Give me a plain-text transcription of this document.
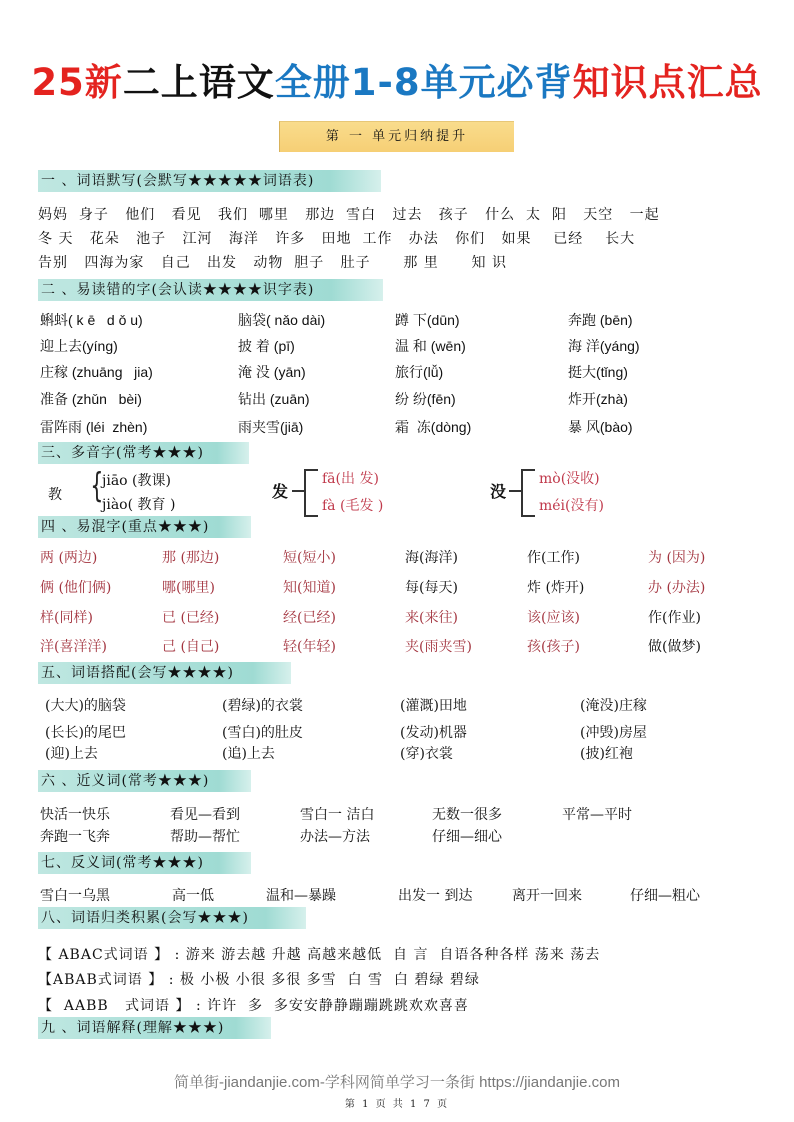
25新二上语文全册1-8单元必背知识点汇总
第 一 单元归纳提升
一 、词语默写(会默写★★★★★词语表)
二 、易读错的字(会认读★★★★识字表)
三、多音字(常考★★★)
四 、易混字(重点★★★)
五、词语搭配(会写★★★★)
六 、近义词(常考★★★)
七、反义词(常考★★★)
八、词语归类积累(会写★★★)
九 、词语解释(理解★★★)
妈妈  身子   他们   看见   我们  哪里   那边  雪白   过去   孩子   什么  太  阳   天空   一起
冬 天   花朵   池子   江河   海洋   许多   田地  工作   办法   你们   如果    已经    长大
告别   四海为家   自己   出发   动物  胆子   肚子      那 里      知 识
蝌蚪( k ē   d ǒ u)	脑袋( nǎo dài)	蹲 下(dūn)	奔跑 (bēn)
迎上去(yíng)	披 着 (pī)	温 和 (wēn)	海 洋(yáng)
庄稼 (zhuāng   jia)	淹 没 (yān)	旅行(lǚ)	挺大(tǐng)
准备 (zhǔn   bèi)	钻出 (zuān)	纷 纷(fēn)	炸开(zhà)
雷阵雨 (léi  zhèn)	雨夹雪(jiā)	霜  冻(dòng)	暴 风(bào)
教 {
jiāo (教课)
jiào( 教育 )
发
fā(出 发)
fà (毛发 )
没
mò(没收)
méi(没有)
两 (两边)	那 (那边)	短(短小)	海(海洋)	作(工作)	为 (因为)
俩 (他们俩)	哪(哪里)	知(知道)	每(每天)	炸 (炸开)	办 (办法)
样(同样)	已 (已经)	经(已经)	来(来往)	该(应该)	作(作业)
洋(喜洋洋)	己 (自己)	轻(年轻)	夹(雨夹雪)	孩(孩子)	做(做梦)
(大大)的脑袋	(碧绿)的衣裳	(灌溉)田地	(淹没)庄稼
(长长)的尾巴	(雪白)的肚皮	(发动)机器	(冲毁)房屋
(迎)上去	(追)上去	(穿)衣裳	(披)红袍
快活一快乐	看见—看到	雪白一 洁白	无数一很多	平常—平时
奔跑一飞奔	帮助—帮忙	办法—方法	仔细—细心
雪白一乌黑	高一低	温和—暴躁	出发一 到达	离开一回来	仔细—粗心
【 ABAC式词语 】 : 游来 游去越 升越 高越来越低  自 言  自语各种各样 荡来 荡去
【ABAB式词语 】 : 极 小极 小很 多很 多雪  白 雪  白 碧绿 碧绿
【  AABB   式词语 】 : 许许  多  多安安静静蹦蹦跳跳欢欢喜喜
简单街-jiandanjie.com-学科网简单学习一条街 https://jiandanjie.com
第 1 页 共 1 7 页
